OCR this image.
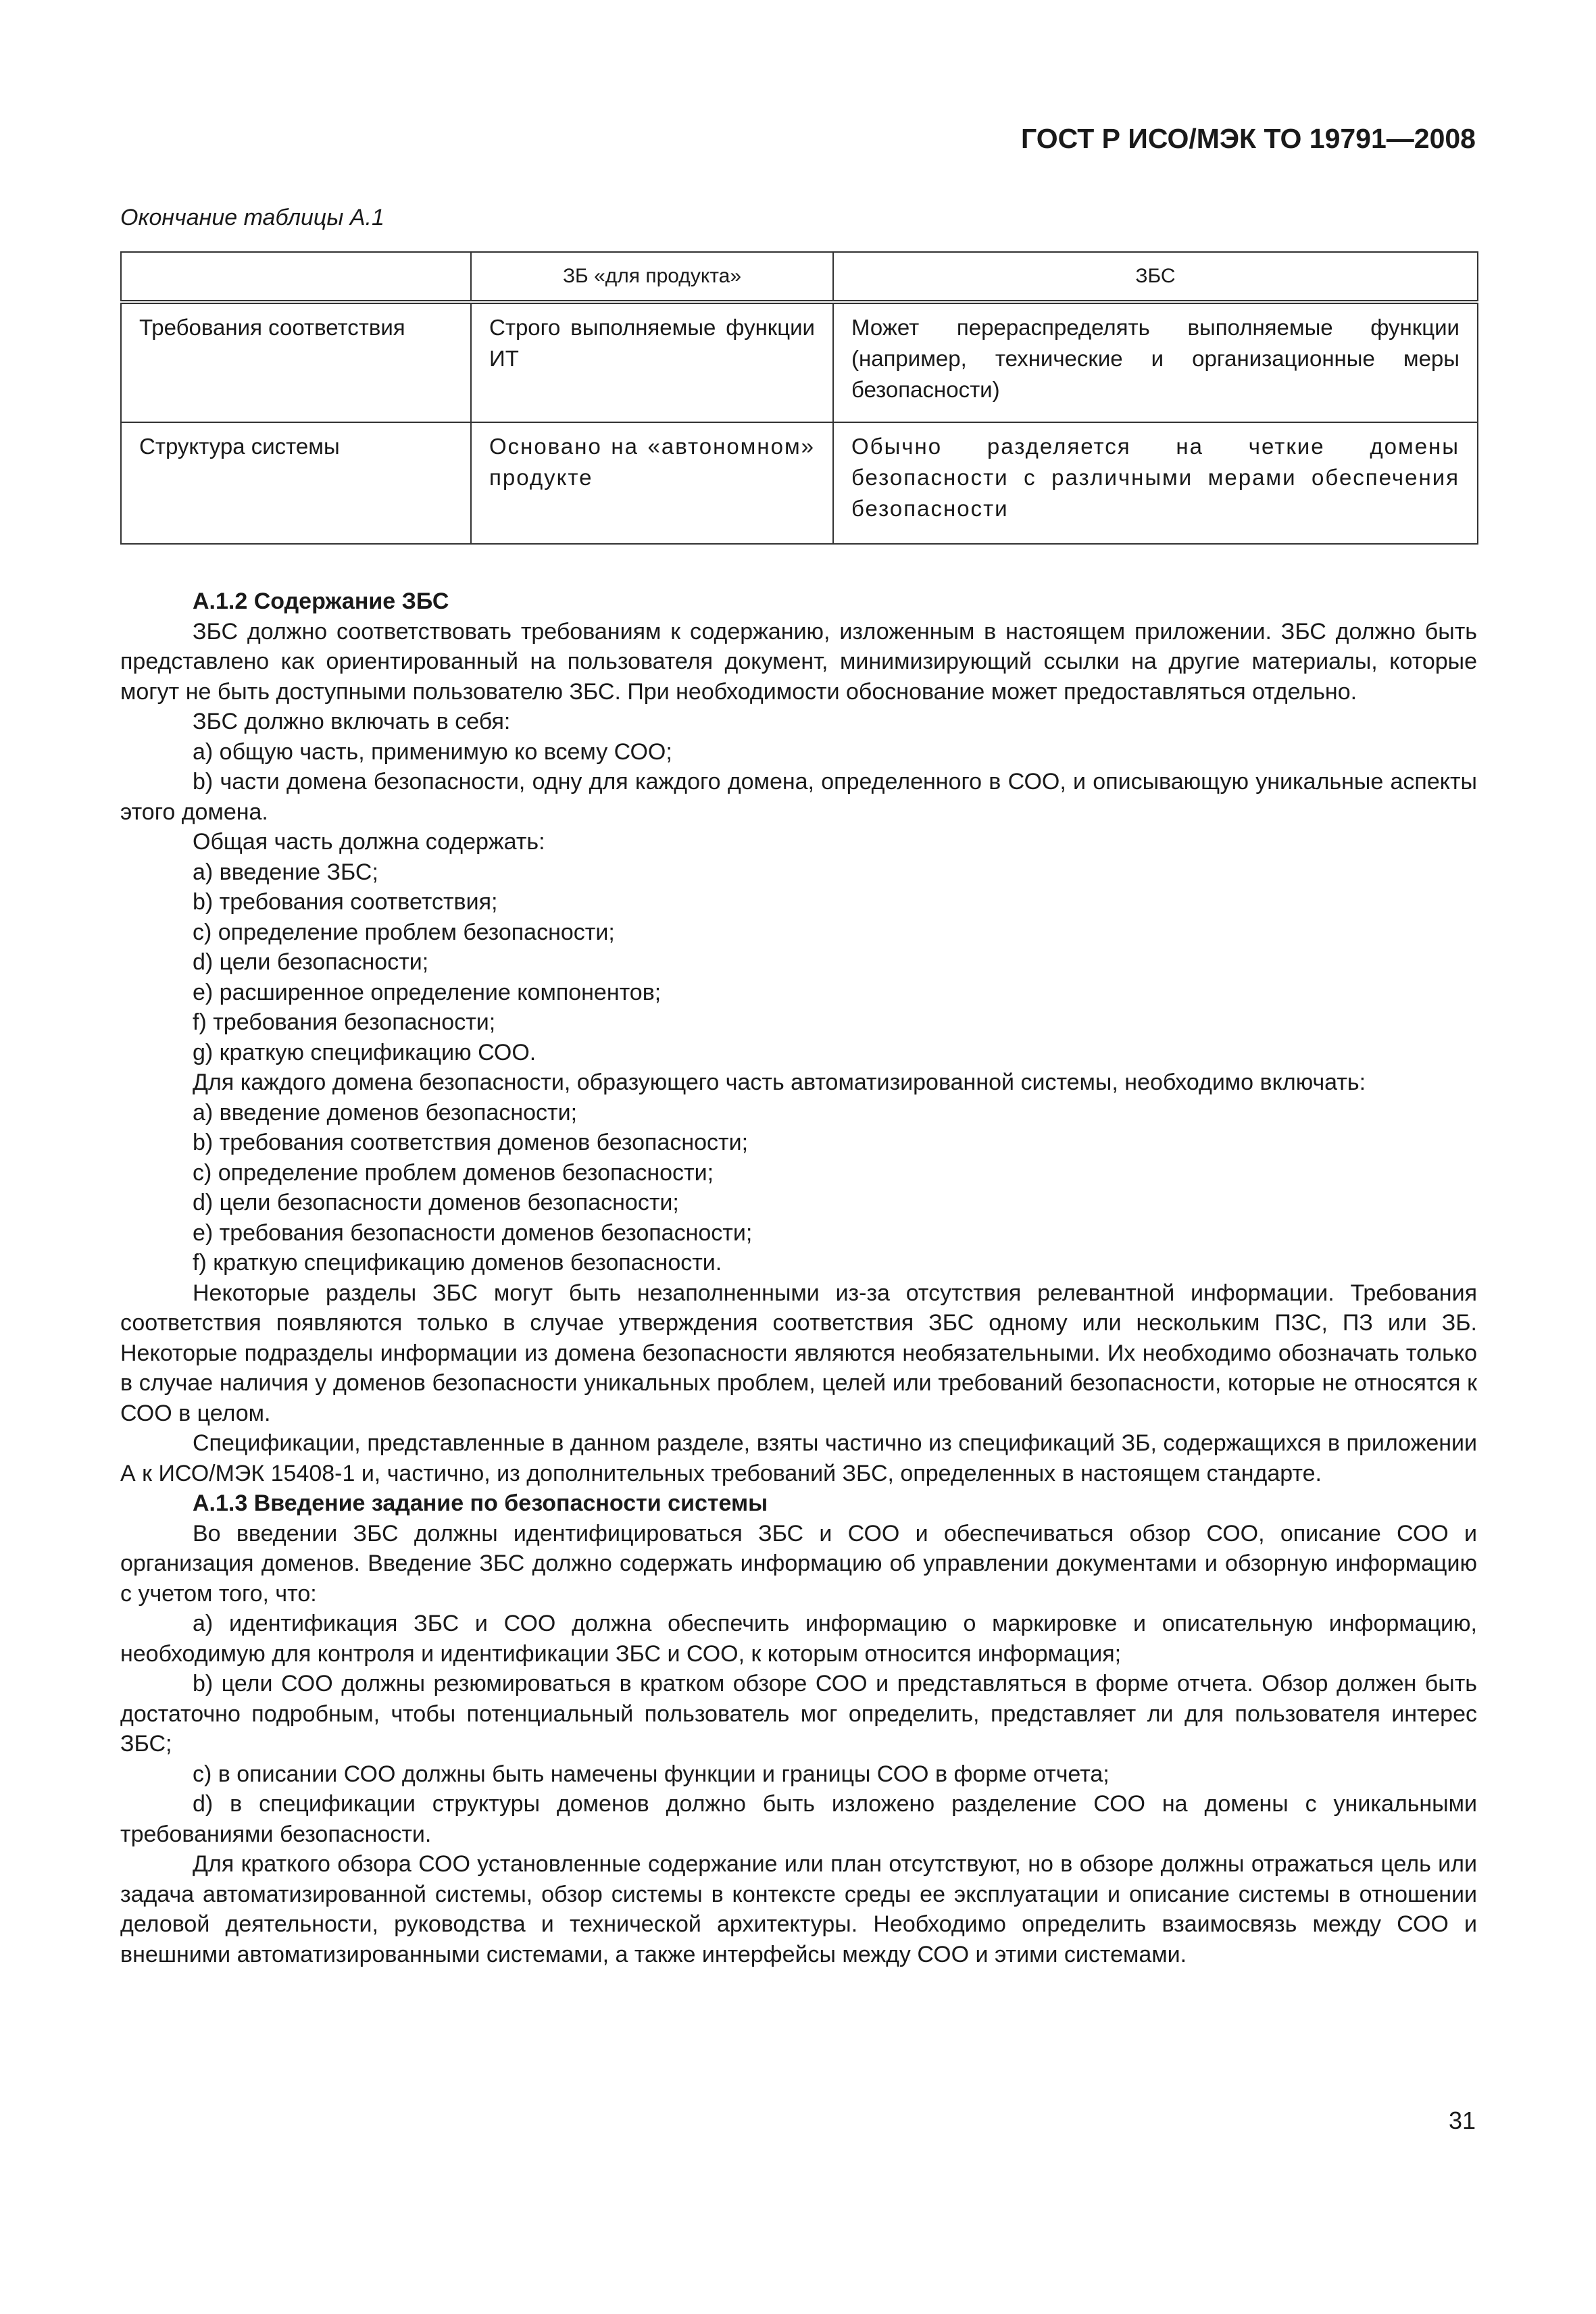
ГОСТ Р ИСО/МЭК ТО 19791—2008
Окончание таблицы А.1
	ЗБ «для продукта»	ЗБС
Требования соответствия	Строго выполняемые функции ИТ	Может перераспределять выполняемые функции (например, технические и организационные меры безопасности)
Структура системы	Основано на «автономном» продукте	Обычно разделяется на четкие домены безопасности с различными мерами обеспечения безопасности

A.1.2 Содержание ЗБС

ЗБС должно соответствовать требованиям к содержанию, изложенным в настоящем приложении. ЗБС должно быть представлено как ориентированный на пользователя документ, минимизирующий ссылки на другие материалы, которые могут не быть доступными пользователю ЗБС. При необходимости обоснование может предоставляться отдельно.

ЗБС должно включать в себя:

а) общую часть, применимую ко всему СОО;

b) части домена безопасности, одну для каждого домена, определенного в СОО, и описывающую уникальные аспекты этого домена.

Общая часть должна содержать:

а) введение ЗБС;

b) требования соответствия;

c) определение проблем безопасности;

d) цели безопасности;

e) расширенное определение компонентов;

f) требования безопасности;

g) краткую спецификацию СОО.

Для каждого домена безопасности, образующего часть автоматизированной системы, необходимо включать:

а) введение доменов безопасности;

b) требования соответствия доменов безопасности;

c) определение проблем доменов безопасности;

d) цели безопасности доменов безопасности;

e) требования безопасности доменов безопасности;

f) краткую спецификацию доменов безопасности.

Некоторые разделы ЗБС могут быть незаполненными из-за отсутствия релевантной информации. Требования соответствия появляются только в случае утверждения соответствия ЗБС одному или нескольким ПЗС, ПЗ или ЗБ. Некоторые подразделы информации из домена безопасности являются необязательными. Их необходимо обозначать только в случае наличия у доменов безопасности уникальных проблем, целей или требований безопасности, которые не относятся к СОО в целом.

Спецификации, представленные в данном разделе, взяты частично из спецификаций ЗБ, содержащихся в приложении А к ИСО/МЭК 15408-1 и, частично, из дополнительных требований ЗБС, определенных в настоящем стандарте.

A.1.3 Введение задание по безопасности системы

Во введении ЗБС должны идентифицироваться ЗБС и СОО и обеспечиваться обзор СОО, описание СОО и организация доменов. Введение ЗБС должно содержать информацию об управлении документами и обзорную информацию с учетом того, что:

а) идентификация ЗБС и СОО должна обеспечить информацию о маркировке и описательную информацию, необходимую для контроля и идентификации ЗБС и СОО, к которым относится информация;

b) цели СОО должны резюмироваться в кратком обзоре СОО и представляться в форме отчета. Обзор должен быть достаточно подробным, чтобы потенциальный пользователь мог определить, представляет ли для пользователя интерес ЗБС;

c) в описании СОО должны быть намечены функции и границы СОО в форме отчета;

d) в спецификации структуры доменов должно быть изложено разделение СОО на домены с уникальными требованиями безопасности.

Для краткого обзора СОО установленные содержание или план отсутствуют, но в обзоре должны отражаться цель или задача автоматизированной системы, обзор системы в контексте среды ее эксплуатации и описание системы в отношении деловой деятельности, руководства и технической архитектуры. Необходимо определить взаимосвязь между СОО и внешними автоматизированными системами, а также интерфейсы между СОО и этими системами.

31
